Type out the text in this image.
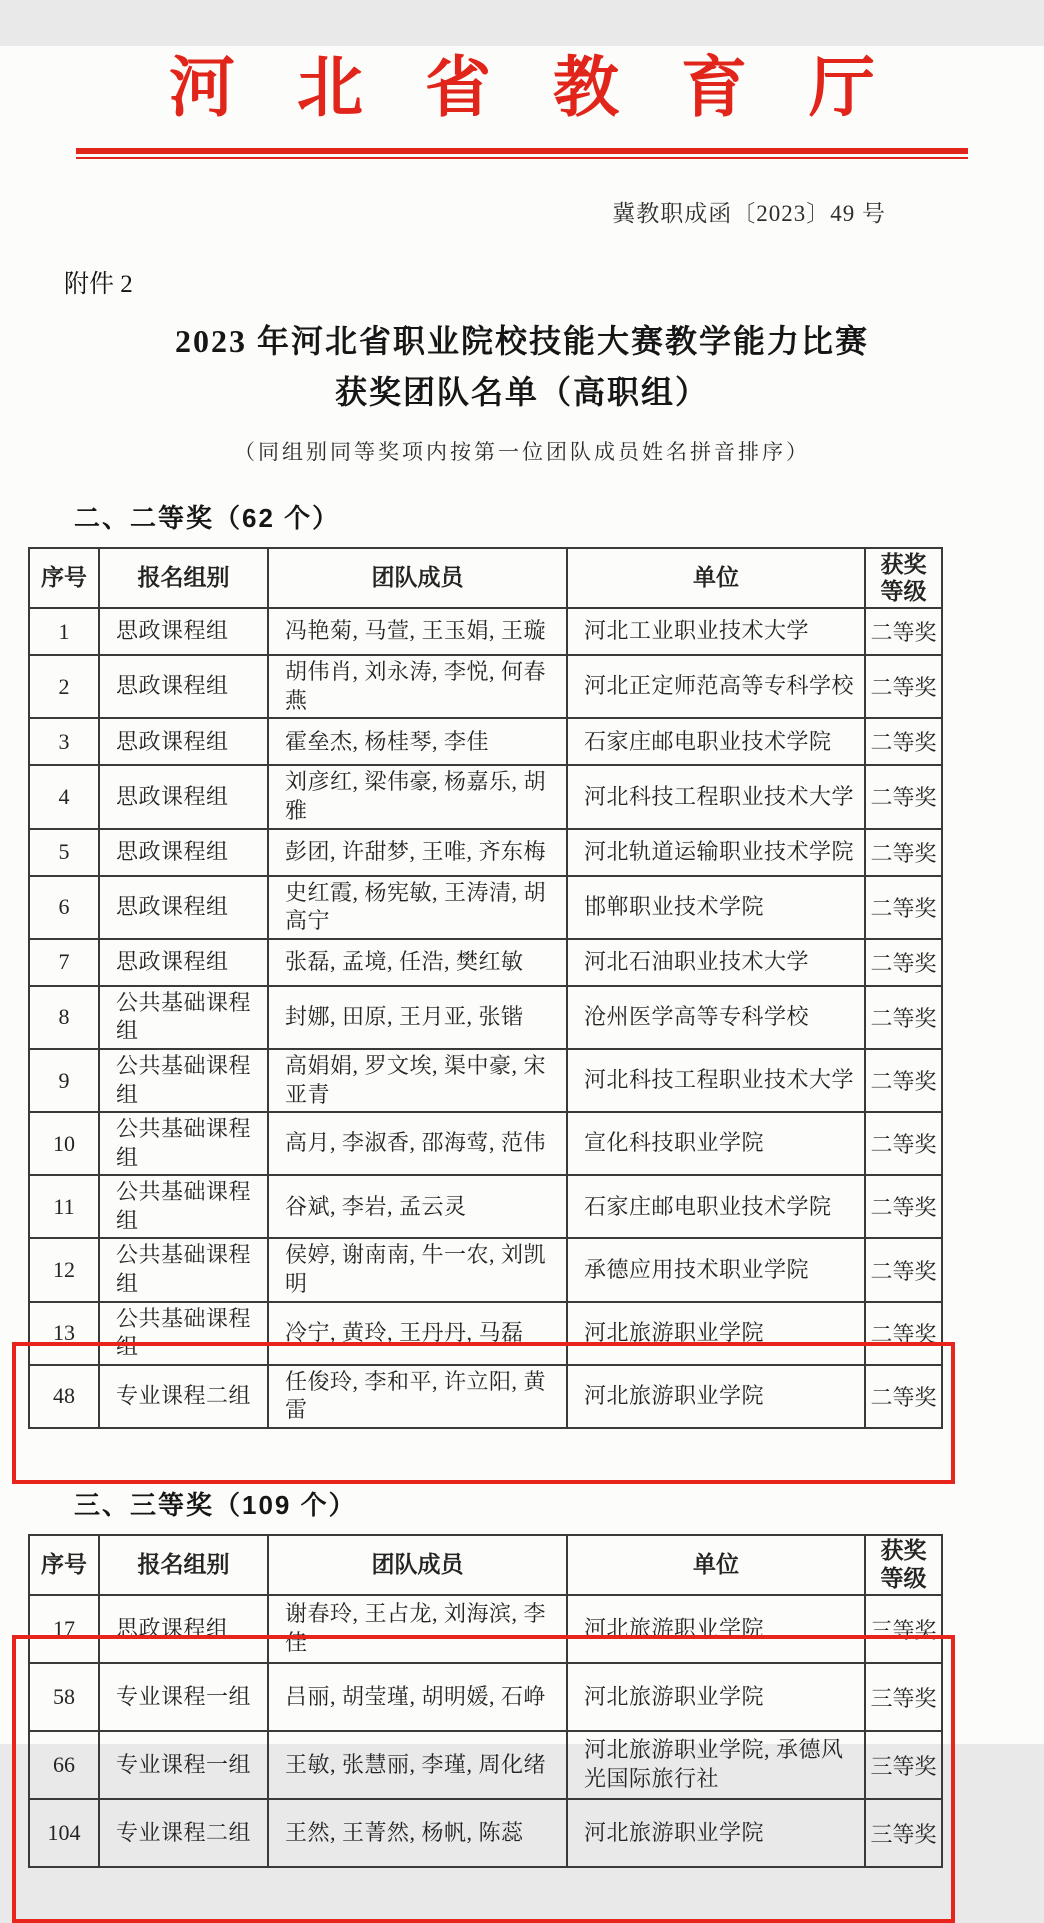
河北省教育厅
冀教职成函〔2023〕49 号
附件 2
2023 年河北省职业院校技能大赛教学能力比赛
获奖团队名单（高职组）
（同组别同等奖项内按第一位团队成员姓名拼音排序）
二、二等奖（62 个）
序号	报名组别	团队成员	单位	获奖等级
1	思政课程组	冯艳菊, 马萱, 王玉娟, 王璇	河北工业职业技术大学	二等奖
2	思政课程组	胡伟肖, 刘永涛, 李悦, 何春燕	河北正定师范高等专科学校	二等奖
3	思政课程组	霍垒杰, 杨桂琴, 李佳	石家庄邮电职业技术学院	二等奖
4	思政课程组	刘彦红, 梁伟豪, 杨嘉乐, 胡雅	河北科技工程职业技术大学	二等奖
5	思政课程组	彭团, 许甜梦, 王唯, 齐东梅	河北轨道运输职业技术学院	二等奖
6	思政课程组	史红霞, 杨宪敏, 王涛清, 胡高宁	邯郸职业技术学院	二等奖
7	思政课程组	张磊, 孟境, 任浩, 樊红敏	河北石油职业技术大学	二等奖
8	公共基础课程组	封娜, 田原, 王月亚, 张锴	沧州医学高等专科学校	二等奖
9	公共基础课程组	高娟娟, 罗文埃, 渠中豪, 宋亚青	河北科技工程职业技术大学	二等奖
10	公共基础课程组	高月, 李淑香, 邵海莺, 范伟	宣化科技职业学院	二等奖
11	公共基础课程组	谷斌, 李岩, 孟云灵	石家庄邮电职业技术学院	二等奖
12	公共基础课程组	侯婷, 谢南南, 牛一农, 刘凯明	承德应用技术职业学院	二等奖
13	公共基础课程组	冷宁, 黄玲, 王丹丹, 马磊	河北旅游职业学院	二等奖
48	专业课程二组	任俊玲, 李和平, 许立阳, 黄雷	河北旅游职业学院	二等奖
三、三等奖（109 个）
序号	报名组别	团队成员	单位	获奖等级
17	思政课程组	谢春玲, 王占龙, 刘海滨, 李佳	河北旅游职业学院	三等奖
58	专业课程一组	吕丽, 胡莹瑾, 胡明媛, 石峥	河北旅游职业学院	三等奖
66	专业课程一组	王敏, 张慧丽, 李瑾, 周化绪	河北旅游职业学院, 承德风光国际旅行社	三等奖
104	专业课程二组	王然, 王菁然, 杨帆, 陈蕊	河北旅游职业学院	三等奖
